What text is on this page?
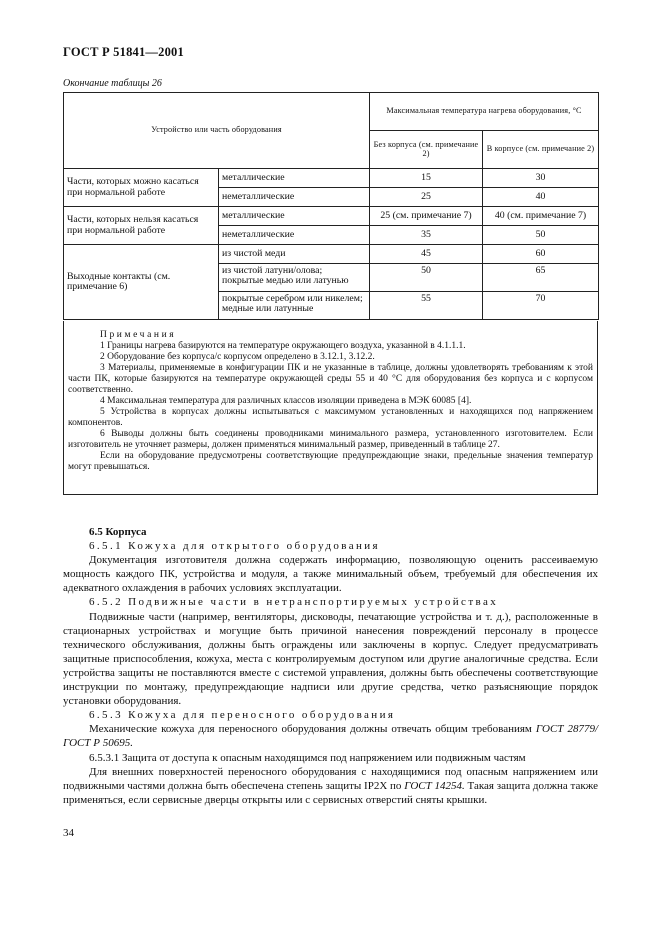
ГОСТ Р 51841—2001
Окончание таблицы 26
Устройство или часть оборудования		Максимальная температура нагрева оборудования, °С	
		Без корпуса (см. примечание 2)	В корпусе (см. примечание 2)
Части, которых можно касаться при нормальной работе	металлические	15	30
	неметаллические	25	40
Части, которых нельзя касаться при нормальной работе	металлические	25 (см. примечание 7)	40 (см. примечание 7)
	неметаллические	35	50
Выходные контакты (см. примечание 6)	из чистой меди	45	60
	из чистой латуни/олова; покрытые медью или латунью	50	65
	покрытые серебром или никелем; медные или латунные	55	70

Примечания

1 Границы нагрева базируются на температуре окружающего воздуха, указанной в 4.1.1.1.

2 Оборудование без корпуса/с корпусом определено в 3.12.1, 3.12.2.

3 Материалы, применяемые в конфигурации ПК и не указанные в таблице, должны удовлетворять требованиям к этой части ПК, которые базируются на температуре окружающей среды 55 и 40 °С для оборудования без корпуса и с корпусом соответственно.

4 Максимальная температура для различных классов изоляции приведена в МЭК 60085 [4].

5 Устройства в корпусах должны испытываться с максимумом установленных и находящихся под напряжением компонентов.

6 Выводы должны быть соединены проводниками минимального размера, установленного изготовителем. Если изготовитель не уточняет размеры, должен применяться минимальный размер, приведенный в таблице 27.

Если на оборудование предусмотрены соответствующие предупреждающие знаки, предельные значения температур могут превышаться.

6.5 Корпуса

6.5.1 Кожуха для открытого оборудования

Документация изготовителя должна содержать информацию, позволяющую оценить рассеиваемую мощность каждого ПК, устройства и модуля, а также минимальный объем, требуемый для обеспечения их адекватного охлаждения в рабочих условиях эксплуатации.

6.5.2 Подвижные части в нетранспортируемых устройствах

Подвижные части (например, вентиляторы, дисководы, печатающие устройства и т. д.), расположенные в стационарных устройствах и могущие быть причиной нанесения повреждений персоналу в процессе технического обслуживания, должны быть ограждены или заключены в корпус. Следует предусматривать защитные приспособления, кожуха, места с контролируемым доступом или другие аналогичные средства. Если устройства защиты не поставляются вместе с системой управления, должны быть обеспечены соответствующие инструкции по монтажу, предупреждающие надписи или другие средства, четко разъясняющие порядок установки оборудования.

6.5.3 Кожуха для переносного оборудования

Механические кожуха для переносного оборудования должны отвечать общим требованиям ГОСТ 28779/ГОСТ Р 50695.

6.5.3.1 Защита от доступа к опасным находящимся под напряжением или подвижным частям

Для внешних поверхностей переносного оборудования с находящимися под опасным напряжением или подвижными частями должна быть обеспечена степень защиты IP2X по ГОСТ 14254. Такая защита должна также применяться, если сервисные дверцы открыты или с сервисных отверстий сняты крышки.

34
